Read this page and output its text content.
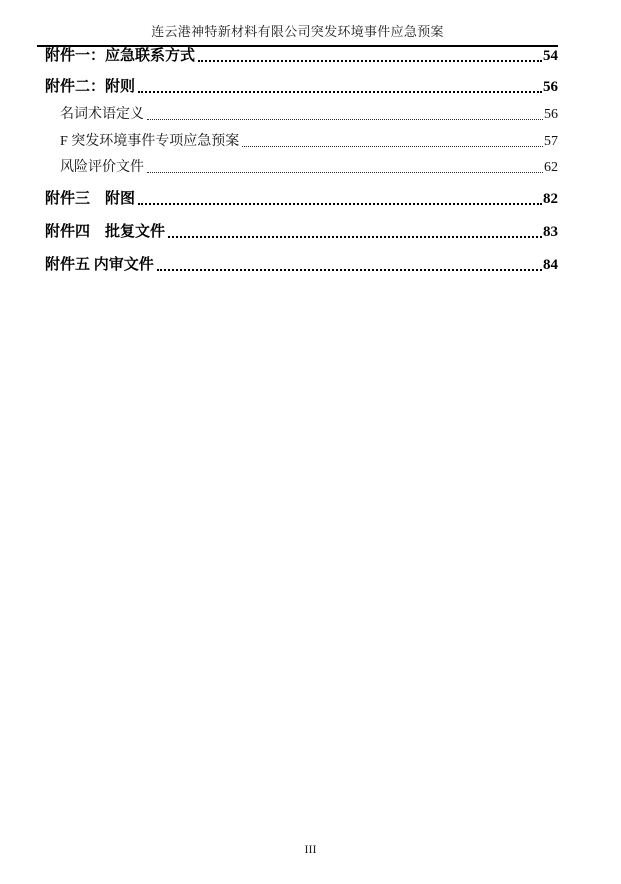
连云港神特新材料有限公司突发环境事件应急预案
附件一：应急联系方式	54
附件二：附则	56
名词术语定义	56
F 突发环境事件专项应急预案	57
风险评价文件	62
附件三　附图	82
附件四　批复文件	83
附件五 内审文件	84
III
